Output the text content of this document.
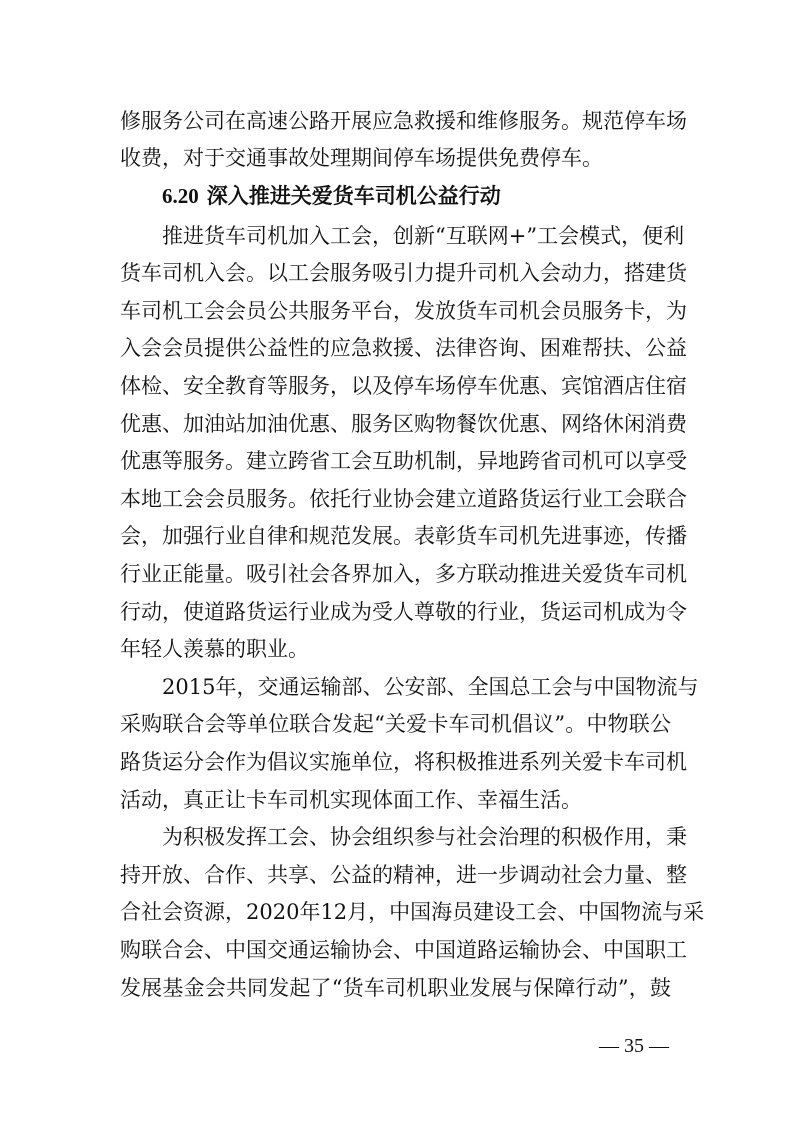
修服务公司在高速公路开展应急救援和维修服务。规范停车场
收费，对于交通事故处理期间停车场提供免费停车。
6.20 深入推进关爱货车司机公益行动
推进货车司机加入工会，创新“互联网+”工会模式，便利
货车司机入会。以工会服务吸引力提升司机入会动力，搭建货
车司机工会会员公共服务平台，发放货车司机会员服务卡，为
入会会员提供公益性的应急救援、法律咨询、困难帮扶、公益
体检、安全教育等服务，以及停车场停车优惠、宾馆酒店住宿
优惠、加油站加油优惠、服务区购物餐饮优惠、网络休闲消费
优惠等服务。建立跨省工会互助机制，异地跨省司机可以享受
本地工会会员服务。依托行业协会建立道路货运行业工会联合
会，加强行业自律和规范发展。表彰货车司机先进事迹，传播
行业正能量。吸引社会各界加入，多方联动推进关爱货车司机
行动，使道路货运行业成为受人尊敬的行业，货运司机成为令
年轻人羡慕的职业。
2015年，交通运输部、公安部、全国总工会与中国物流与
采购联合会等单位联合发起“关爱卡车司机倡议”。中物联公
路货运分会作为倡议实施单位，将积极推进系列关爱卡车司机
活动，真正让卡车司机实现体面工作、幸福生活。
为积极发挥工会、协会组织参与社会治理的积极作用，秉
持开放、合作、共享、公益的精神，进一步调动社会力量、整
合社会资源，2020年12月，中国海员建设工会、中国物流与采
购联合会、中国交通运输协会、中国道路运输协会、中国职工
发展基金会共同发起了“货车司机职业发展与保障行动”，鼓
— 35 —
